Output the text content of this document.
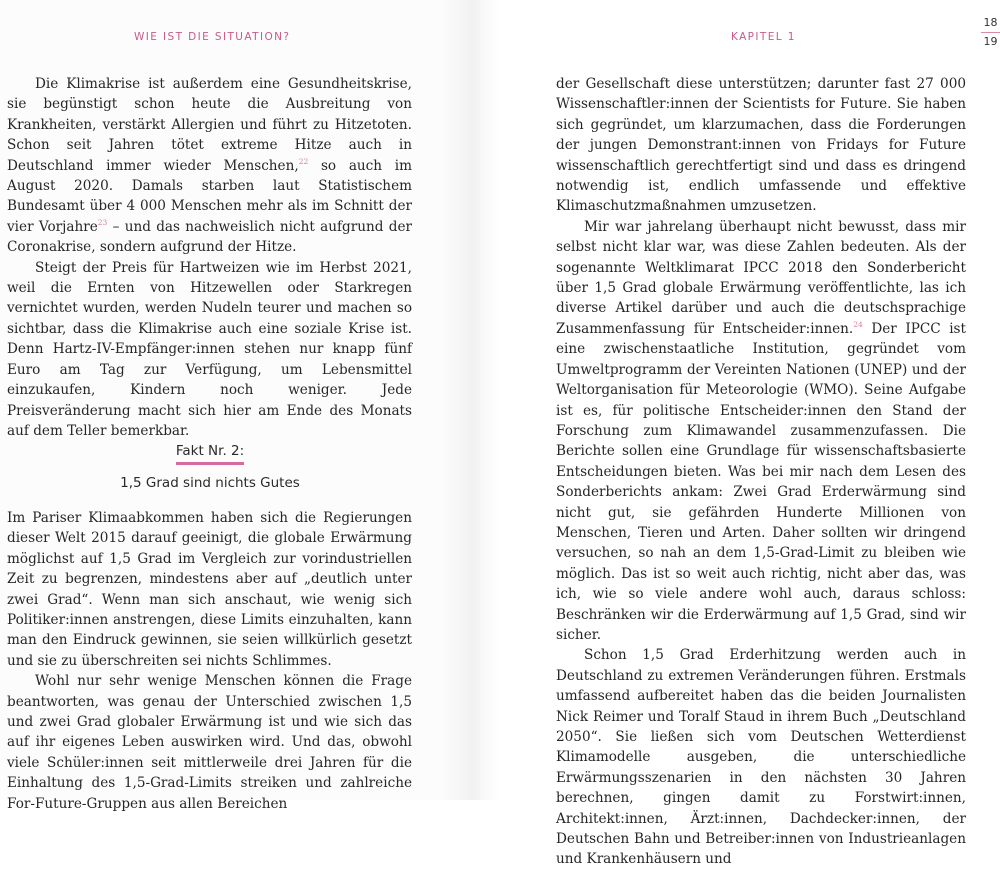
WIE IST DIE SITUATION?

Die Klimakrise ist außerdem eine Gesundheitskrise, sie begünstigt schon heute die Ausbreitung von Krankheiten, verstärkt Allergien und führt zu Hitzetoten. Schon seit Jahren tötet extreme Hitze auch in Deutschland immer wieder Menschen,$^{22}$ so auch im August 2020. Damals starben laut Statistischem Bundesamt über 4 000 Menschen mehr als im Schnitt der vier Vorjahre$^{23}$ – und das nachweislich nicht aufgrund der Coronakrise, sondern aufgrund der Hitze.

Steigt der Preis für Hartweizen wie im Herbst 2021, weil die Ernten von Hitzewellen oder Starkregen vernichtet wurden, werden Nudeln teurer und machen so sichtbar, dass die Klimakrise auch eine soziale Krise ist. Denn Hartz-IV-Empfänger:innen stehen nur knapp fünf Euro am Tag zur Verfügung, um Lebensmittel einzukaufen, Kindern noch weniger. Jede Preisveränderung macht sich hier am Ende des Monats auf dem Teller bemerkbar.

Fakt Nr. 2:
1,5 Grad sind nichts Gutes

Im Pariser Klimaabkommen haben sich die Regierungen dieser Welt 2015 darauf geeinigt, die globale Erwärmung möglichst auf 1,5 Grad im Vergleich zur vorindustriellen Zeit zu begrenzen, mindestens aber auf „deutlich unter zwei Grad“. Wenn man sich anschaut, wie wenig sich Politiker:innen anstrengen, diese Limits einzuhalten, kann man den Eindruck gewinnen, sie seien willkürlich gesetzt und sie zu überschreiten sei nichts Schlimmes.

Wohl nur sehr wenige Menschen können die Frage beantworten, was genau der Unterschied zwischen 1,5 und zwei Grad globaler Erwärmung ist und wie sich das auf ihr eigenes Leben auswirken wird. Und das, obwohl viele Schüler:innen seit mittlerweile drei Jahren für die Einhaltung des 1,5-Grad-Limits streiken und zahlreiche For-Future-Gruppen aus allen Bereichen

KAPITEL 1

der Gesellschaft diese unterstützen; darunter fast 27 000 Wissenschaftler:innen der Scientists for Future. Sie haben sich gegründet, um klarzumachen, dass die Forderungen der jungen Demonstrant:innen von Fridays for Future wissenschaftlich gerechtfertigt sind und dass es dringend notwendig ist, endlich umfassende und effektive Klimaschutzmaßnahmen umzusetzen.

Mir war jahrelang überhaupt nicht bewusst, dass mir selbst nicht klar war, was diese Zahlen bedeuten. Als der sogenannte Weltklimarat IPCC 2018 den Sonderbericht über 1,5 Grad globale Erwärmung veröffentlichte, las ich diverse Artikel darüber und auch die deutschsprachige Zusammenfassung für Entscheider:innen.$^{24}$ Der IPCC ist eine zwischenstaatliche Institution, gegründet vom Umweltprogramm der Vereinten Nationen (UNEP) und der Weltorganisation für Meteorologie (WMO). Seine Aufgabe ist es, für politische Entscheider:innen den Stand der Forschung zum Klimawandel zusammenzufassen. Die Berichte sollen eine Grundlage für wissenschaftsbasierte Entscheidungen bieten. Was bei mir nach dem Lesen des Sonderberichts ankam: Zwei Grad Erderwärmung sind nicht gut, sie gefährden Hunderte Millionen von Menschen, Tieren und Arten. Daher sollten wir dringend versuchen, so nah an dem 1,5-Grad-Limit zu bleiben wie möglich. Das ist so weit auch richtig, nicht aber das, was ich, wie so viele andere wohl auch, daraus schloss: Beschränken wir die Erderwärmung auf 1,5 Grad, sind wir sicher.

Schon 1,5 Grad Erderhitzung werden auch in Deutschland zu extremen Veränderungen führen. Erstmals umfassend aufbereitet haben das die beiden Journalisten Nick Reimer und Toralf Staud in ihrem Buch „Deutschland 2050“. Sie ließen sich vom Deutschen Wetterdienst Klimamodelle ausgeben, die unterschiedliche Erwärmungsszenarien in den nächsten 30 Jahren berechnen, gingen damit zu Forstwirt:innen, Architekt:innen, Ärzt:innen, Dachdecker:innen, der Deutschen Bahn und Betreiber:innen von Industrieanlagen und Krankenhäusern und

18
19
